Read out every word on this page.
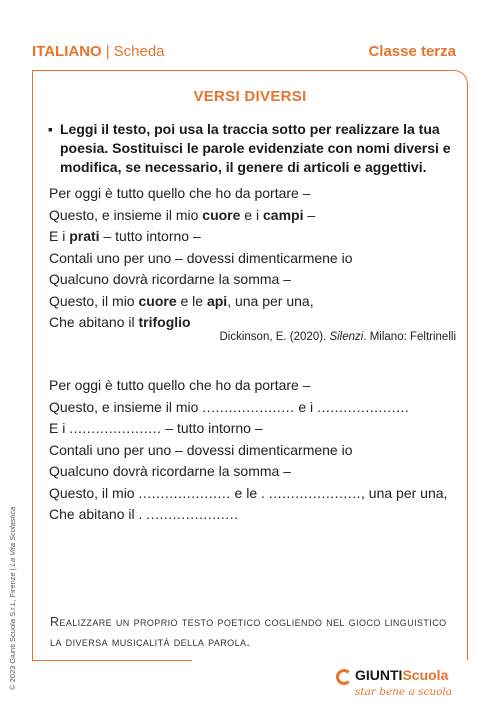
ITALIANO | Scheda	Classe terza
VERSI DIVERSI
▪ Leggi il testo, poi usa la traccia sotto per realizzare la tua poesia. Sostituisci le parole evidenziate con nomi diversi e modifica, se necessario, il genere di articoli e aggettivi.
Per oggi è tutto quello che ho da portare –
Questo, e insieme il mio cuore e i campi –
E i prati – tutto intorno –
Contali uno per uno – dovessi dimenticarmene io
Qualcuno dovrà ricordarne la somma –
Questo, il mio cuore e le api, una per una,
Che abitano il trifoglio
Dickinson, E. (2020). Silenzi. Milano: Feltrinelli
Per oggi è tutto quello che ho da portare –
Questo, e insieme il mio ..................... e i .....................
E i ..................... – tutto intorno –
Contali uno per uno – dovessi dimenticarmene io
Qualcuno dovrà ricordarne la somma –
Questo, il mio ..................... e le . ....................., una per una,
Che abitano il . .....................
Realizzare un proprio testo poetico cogliendo nel gioco linguistico la diversa musicalità della parola.
© 2023 Giunti Scuola S.r.L, Firenze | La Vita Scolastica
GIUNTIScuola
star bene a scuola
